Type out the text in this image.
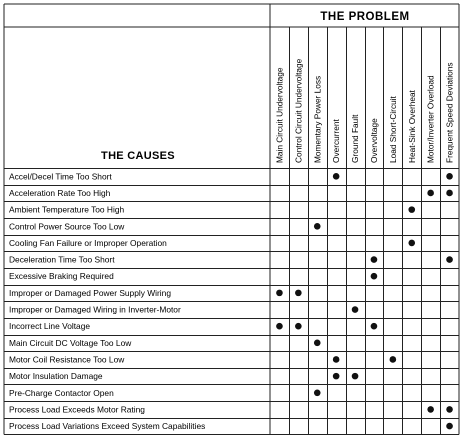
THE PROBLEM
THE CAUSES	Main Circuit Undervoltage Control Circuit Undervoltage Momentary Power Loss Overcurrent Ground Fault Overvoltage Load Short-Circuit Heat-Sink Overheat Motor/Inverter Overload Frequent Speed Deviations
Accel/Decel Time Too Short
Acceleration Rate Too High
Ambient Temperature Too High
Control Power Source Too Low
Cooling Fan Failure or Improper Operation
Deceleration Time Too Short
Excessive Braking Required
Improper or Damaged Power Supply Wiring
Improper or Damaged Wiring in Inverter-Motor
Incorrect Line Voltage
Main Circuit DC Voltage Too Low
Motor Coil Resistance Too Low
Motor Insulation Damage
Pre-Charge Contactor Open
Process Load Exceeds Motor Rating
Process Load Variations Exceed System Capabilities
